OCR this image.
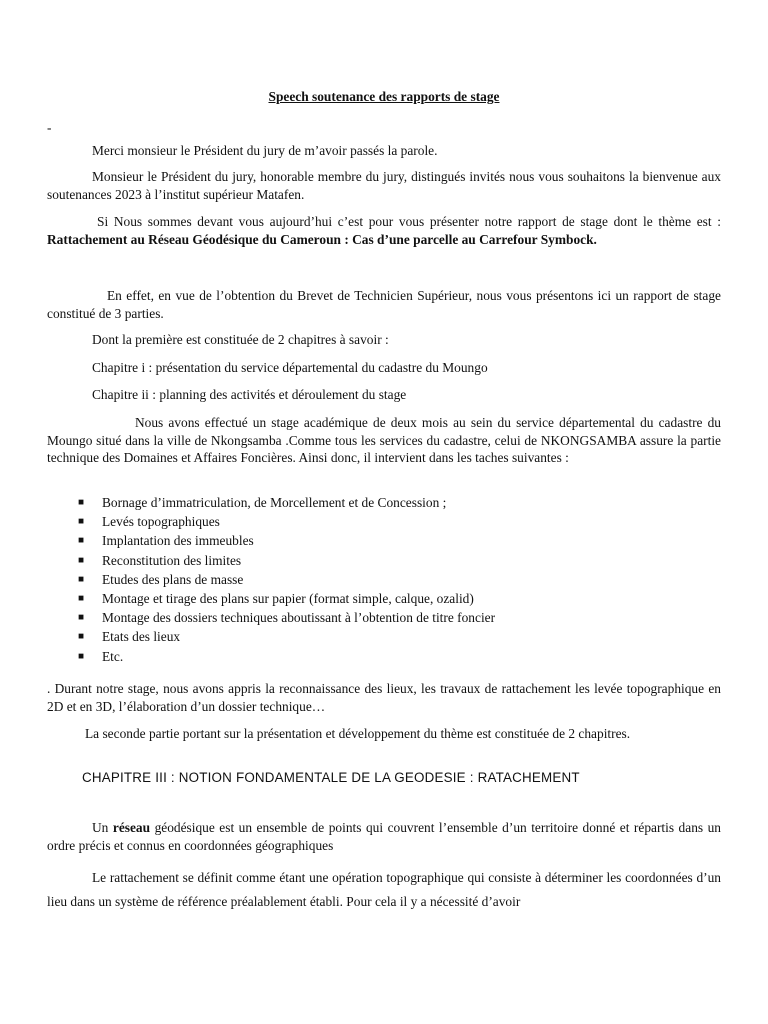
Speech soutenance des rapports de stage
-

Merci monsieur le Président du jury de m’avoir passés la parole.

Monsieur le Président du jury, honorable membre du jury, distingués invités nous vous souhaitons la bienvenue aux soutenances 2023 à l’institut supérieur Matafen.

Si Nous sommes devant vous aujourd’hui c’est pour vous présenter notre rapport de stage dont le thème est : Rattachement au Réseau Géodésique du Cameroun : Cas d’une parcelle au Carrefour Symbock.

En effet, en vue de l’obtention du Brevet de Technicien Supérieur, nous vous présentons ici un rapport de stage constitué de 3 parties.

Dont la première est constituée de 2 chapitres à savoir :

Chapitre i : présentation du service départemental du cadastre du Moungo

Chapitre ii : planning des activités et déroulement du stage

Nous avons effectué un stage académique de deux mois au sein du service départemental du cadastre du Moungo situé dans la ville de Nkongsamba .Comme tous les services du cadastre, celui de NKONGSAMBA assure la partie technique des Domaines et Affaires Foncières. Ainsi donc, il intervient dans les taches suivantes :

■ Bornage d’immatriculation, de Morcellement et de Concession ;
■ Levés topographiques
■ Implantation des immeubles
■ Reconstitution des limites
■ Etudes des plans de masse
■ Montage et tirage des plans sur papier (format simple, calque, ozalid)
■ Montage des dossiers techniques aboutissant à l’obtention de titre foncier
■ Etats des lieux
■ Etc.

. Durant notre stage, nous avons appris la reconnaissance des lieux, les travaux de rattachement les levée topographique en 2D et en 3D, l’élaboration d’un dossier technique…

La seconde partie portant sur la présentation et développement du thème est constituée de 2 chapitres.

CHAPITRE III : NOTION FONDAMENTALE DE LA GEODESIE : RATACHEMENT

Un réseau géodésique est un ensemble de points qui couvrent l’ensemble d’un territoire donné et répartis dans un ordre précis et connus en coordonnées géographiques

Le rattachement se définit comme étant une opération topographique qui consiste à déterminer les coordonnées d’un lieu dans un système de référence préalablement établi. Pour cela il y a nécessité d’avoir
